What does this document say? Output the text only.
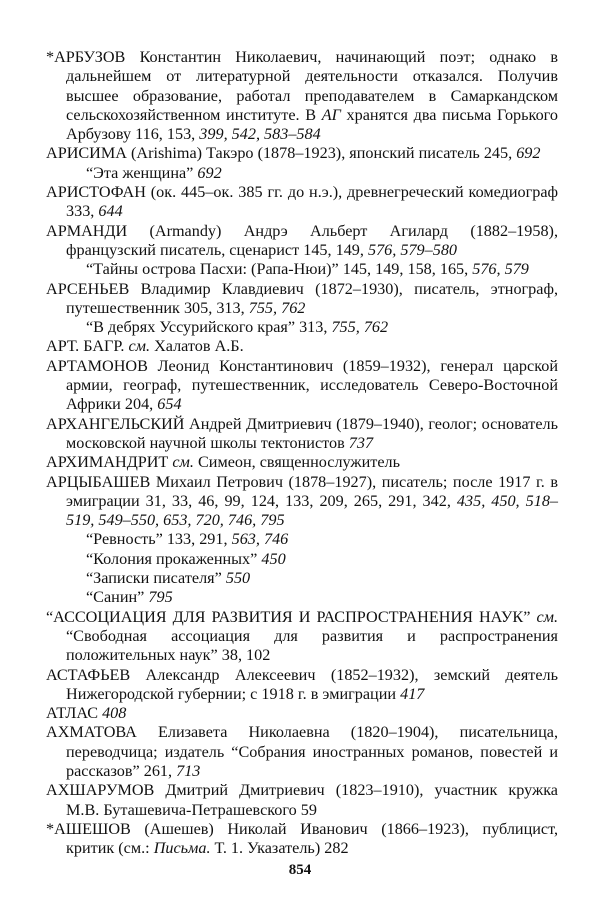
*АРБУЗОВ Константин Николаевич, начинающий поэт; однако в дальнейшем от литературной деятельности отказался. Получив высшее образование, работал преподавателем в Самаркандском сельскохозяйственном институте. В АГ хранятся два письма Горького Арбузову 116, 153, 399, 542, 583–584

АРИСИМА (Arishima) Такэро (1878–1923), японский писатель 245, 692

“Эта женщина” 692

АРИСТОФАН (ок. 445–ок. 385 гг. до н.э.), древнегреческий комедиограф 333, 644

АРМАНДИ (Armandy) Андрэ Альберт Агилард (1882–1958), французский писатель, сценарист 145, 149, 576, 579–580

“Тайны острова Пасхи: (Рапа-Нюи)” 145, 149, 158, 165, 576, 579

АРСЕНЬЕВ Владимир Клавдиевич (1872–1930), писатель, этнограф, путешественник 305, 313, 755, 762

“В дебрях Уссурийского края” 313, 755, 762

АРТ. БАГР. см. Халатов А.Б.

АРТАМОНОВ Леонид Константинович (1859–1932), генерал царской армии, географ, путешественник, исследователь Северо-Восточной Африки 204, 654

АРХАНГЕЛЬСКИЙ Андрей Дмитриевич (1879–1940), геолог; основатель московской научной школы тектонистов 737

АРХИМАНДРИТ см. Симеон, священнослужитель

АРЦЫБАШЕВ Михаил Петрович (1878–1927), писатель; после 1917 г. в эмиграции 31, 33, 46, 99, 124, 133, 209, 265, 291, 342, 435, 450, 518–519, 549–550, 653, 720, 746, 795

“Ревность” 133, 291, 563, 746

“Колония прокаженных” 450

“Записки писателя” 550

“Санин” 795

“АССОЦИАЦИЯ ДЛЯ РАЗВИТИЯ И РАСПРОСТРАНЕНИЯ НАУК” см. “Свободная ассоциация для развития и распространения положительных наук” 38, 102

АСТАФЬЕВ Александр Алексеевич (1852–1932), земский деятель Нижегородской губернии; с 1918 г. в эмиграции 417

АТЛАС 408

АХМАТОВА Елизавета Николаевна (1820–1904), писательница, переводчица; издатель “Собрания иностранных романов, повестей и рассказов” 261, 713

АХШАРУМОВ Дмитрий Дмитриевич (1823–1910), участник кружка М.В. Буташевича-Петрашевского 59

*АШЕШОВ (Ашешев) Николай Иванович (1866–1923), публицист, критик (см.: Письма. Т. 1. Указатель) 282

854
